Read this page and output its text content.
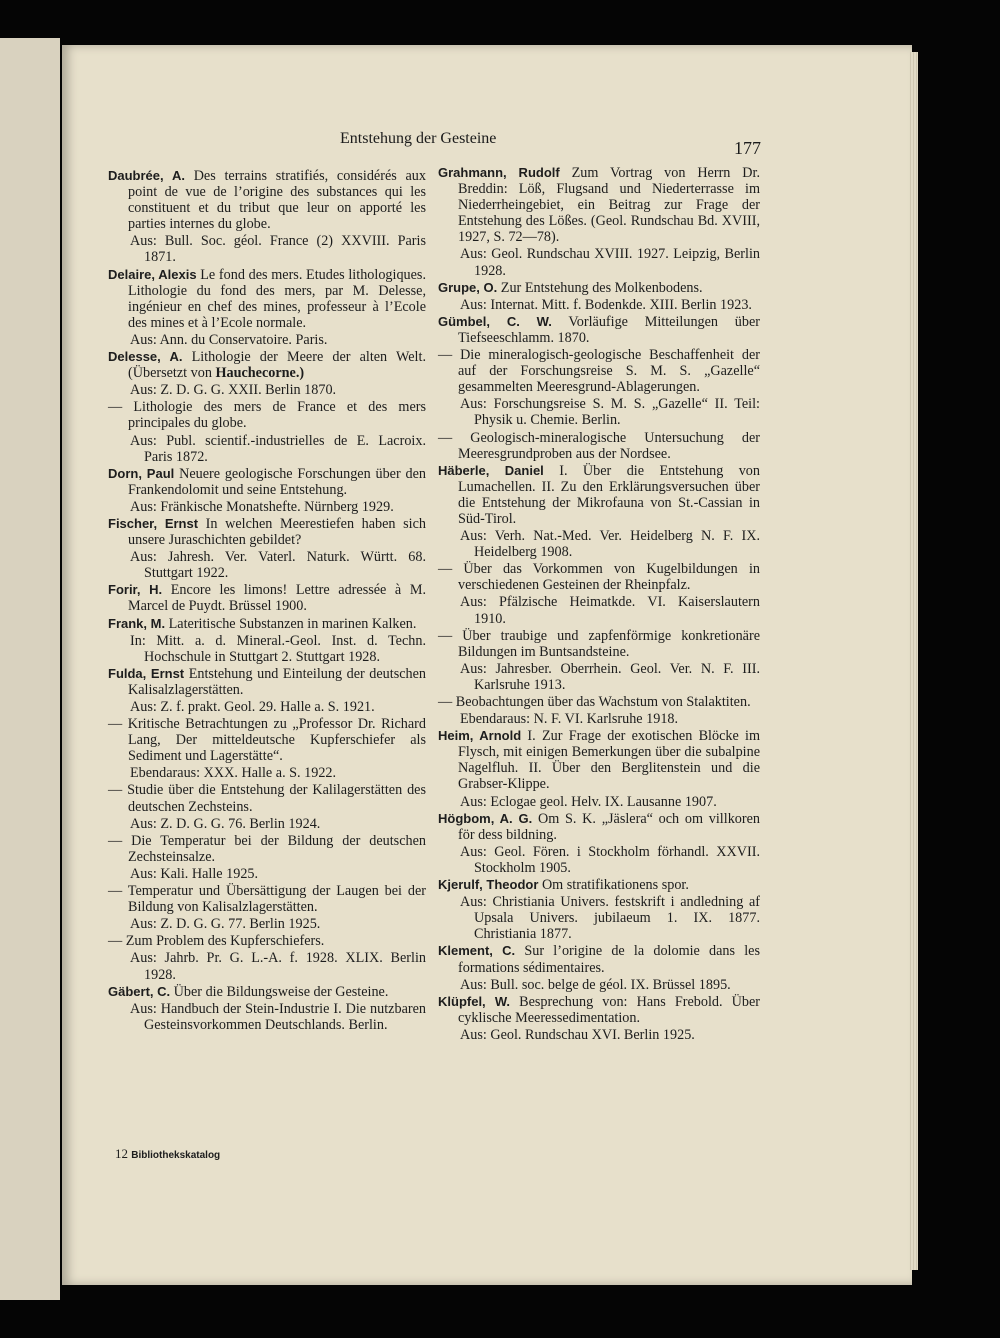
Entstehung der Gesteine	177
Daubrée, A. Des terrains stratifiés, considérés aux point de vue de l’origine des substances qui les constituent et du tribut que leur on apporté les parties internes du globe.
Aus: Bull. Soc. géol. France (2) XXVIII. Paris 1871.
Delaire, Alexis Le fond des mers. Etudes lithologiques. Lithologie du fond des mers, par M. Delesse, ingénieur en chef des mines, professeur à l’Ecole des mines et à l’Ecole normale.
Aus: Ann. du Conservatoire. Paris.
Delesse, A. Lithologie der Meere der alten Welt. (Übersetzt von Hauchecorne.)
Aus: Z. D. G. G. XXII. Berlin 1870.
— Lithologie des mers de France et des mers principales du globe.
Aus: Publ. scientif.-industrielles de E. Lacroix. Paris 1872.
Dorn, Paul Neuere geologische Forschungen über den Frankendolomit und seine Entstehung.
Aus: Fränkische Monatshefte. Nürnberg 1929.
Fischer, Ernst In welchen Meerestiefen haben sich unsere Juraschichten gebildet?
Aus: Jahresh. Ver. Vaterl. Naturk. Württ. 68. Stuttgart 1922.
Forir, H. Encore les limons! Lettre adressée à M. Marcel de Puydt. Brüssel 1900.
Frank, M. Lateritische Substanzen in marinen Kalken.
In: Mitt. a. d. Mineral.-Geol. Inst. d. Techn. Hochschule in Stuttgart 2. Stuttgart 1928.
Fulda, Ernst Entstehung und Einteilung der deutschen Kalisalzlagerstätten.
Aus: Z. f. prakt. Geol. 29. Halle a. S. 1921.
— Kritische Betrachtungen zu „Professor Dr. Richard Lang, Der mitteldeutsche Kupferschiefer als Sediment und Lagerstätte“.
Ebendaraus: XXX. Halle a. S. 1922.
— Studie über die Entstehung der Kalilagerstätten des deutschen Zechsteins.
Aus: Z. D. G. G. 76. Berlin 1924.
— Die Temperatur bei der Bildung der deutschen Zechsteinsalze.
Aus: Kali. Halle 1925.
— Temperatur und Übersättigung der Laugen bei der Bildung von Kalisalzlagerstätten.
Aus: Z. D. G. G. 77. Berlin 1925.
— Zum Problem des Kupferschiefers.
Aus: Jahrb. Pr. G. L.-A. f. 1928. XLIX. Berlin 1928.
Gäbert, C. Über die Bildungsweise der Gesteine.
Aus: Handbuch der Stein-Industrie I. Die nutzbaren Gesteinsvorkommen Deutschlands. Berlin.
Grahmann, Rudolf Zum Vortrag von Herrn Dr. Breddin: Löß, Flugsand und Niederterrasse im Niederrheingebiet, ein Beitrag zur Frage der Entstehung des Lößes. (Geol. Rundschau Bd. XVIII, 1927, S. 72—78).
Aus: Geol. Rundschau XVIII. 1927. Leipzig, Berlin 1928.
Grupe, O. Zur Entstehung des Molkenbodens.
Aus: Internat. Mitt. f. Bodenkde. XIII. Berlin 1923.
Gümbel, C. W. Vorläufige Mitteilungen über Tiefseeschlamm. 1870.
— Die mineralogisch-geologische Beschaffenheit der auf der Forschungsreise S. M. S. „Gazelle“ gesammelten Meeresgrund-Ablagerungen.
Aus: Forschungsreise S. M. S. „Gazelle“ II. Teil: Physik u. Chemie. Berlin.
— Geologisch-mineralogische Untersuchung der Meeresgrundproben aus der Nordsee.
Häberle, Daniel I. Über die Entstehung von Lumachellen. II. Zu den Erklärungsversuchen über die Entstehung der Mikrofauna von St.-Cassian in Süd-Tirol.
Aus: Verh. Nat.-Med. Ver. Heidelberg N. F. IX. Heidelberg 1908.
— Über das Vorkommen von Kugelbildungen in verschiedenen Gesteinen der Rheinpfalz.
Aus: Pfälzische Heimatkde. VI. Kaiserslautern 1910.
— Über traubige und zapfenförmige konkretionäre Bildungen im Buntsandsteine.
Aus: Jahresber. Oberrhein. Geol. Ver. N. F. III. Karlsruhe 1913.
— Beobachtungen über das Wachstum von Stalaktiten.
Ebendaraus: N. F. VI. Karlsruhe 1918.
Heim, Arnold I. Zur Frage der exotischen Blöcke im Flysch, mit einigen Bemerkungen über die subalpine Nagelfluh. II. Über den Berglitenstein und die Grabser-Klippe.
Aus: Eclogae geol. Helv. IX. Lausanne 1907.
Högbom, A. G. Om S. K. „Jäslera“ och om villkoren för dess bildning.
Aus: Geol. Fören. i Stockholm förhandl. XXVII. Stockholm 1905.
Kjerulf, Theodor Om stratifikationens spor.
Aus: Christiania Univers. festskrift i andledning af Upsala Univers. jubilaeum 1. IX. 1877. Christiania 1877.
Klement, C. Sur l’origine de la dolomie dans les formations sédimentaires.
Aus: Bull. soc. belge de géol. IX. Brüssel 1895.
Klüpfel, W. Besprechung von: Hans Frebold. Über cyklische Meeressedimentation.
Aus: Geol. Rundschau XVI. Berlin 1925.
12 Bibliothekskatalog
